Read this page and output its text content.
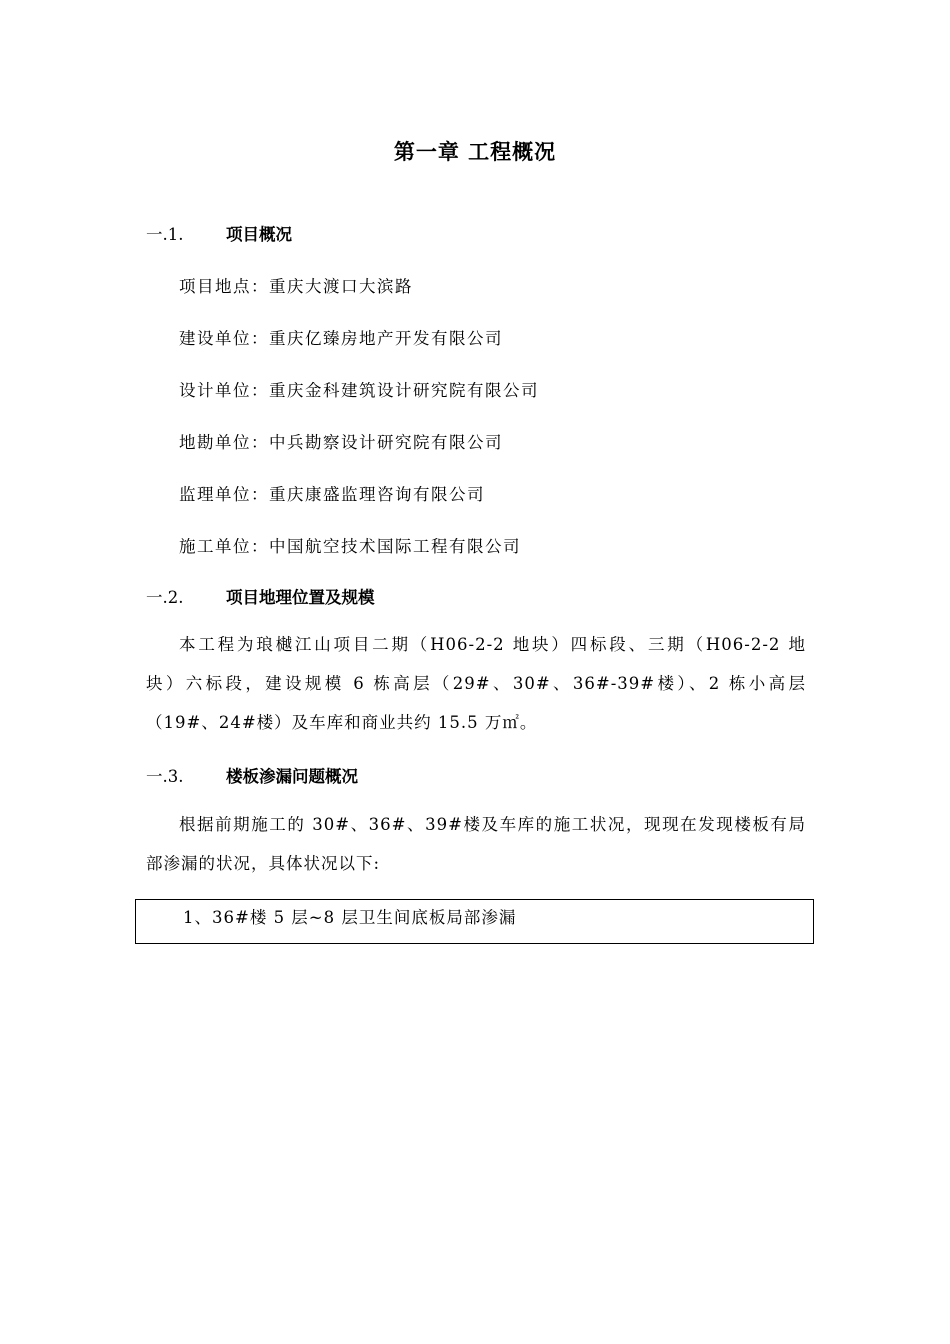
第一章 工程概况
一.1.	项目概况
项目地点：重庆大渡口大滨路
建设单位：重庆亿臻房地产开发有限公司
设计单位：重庆金科建筑设计研究院有限公司
地勘单位：中兵勘察设计研究院有限公司
监理单位：重庆康盛监理咨询有限公司
施工单位：中国航空技术国际工程有限公司
一.2.	项目地理位置及规模
本工程为琅樾江山项目二期（H06-2-2 地块）四标段、三期（H06-2-2 地
块）六标段，建设规模 6 栋高层（29#、30#、36#-39#楼）、2 栋小高层
（19#、24#楼）及车库和商业共约 15.5 万㎡。
一.3.	楼板渗漏问题概况
根据前期施工的 30#、36#、39#楼及车库的施工状况，现现在发现楼板有局
部渗漏的状况，具体状况以下:
1、36#楼 5 层~8 层卫生间底板局部渗漏
